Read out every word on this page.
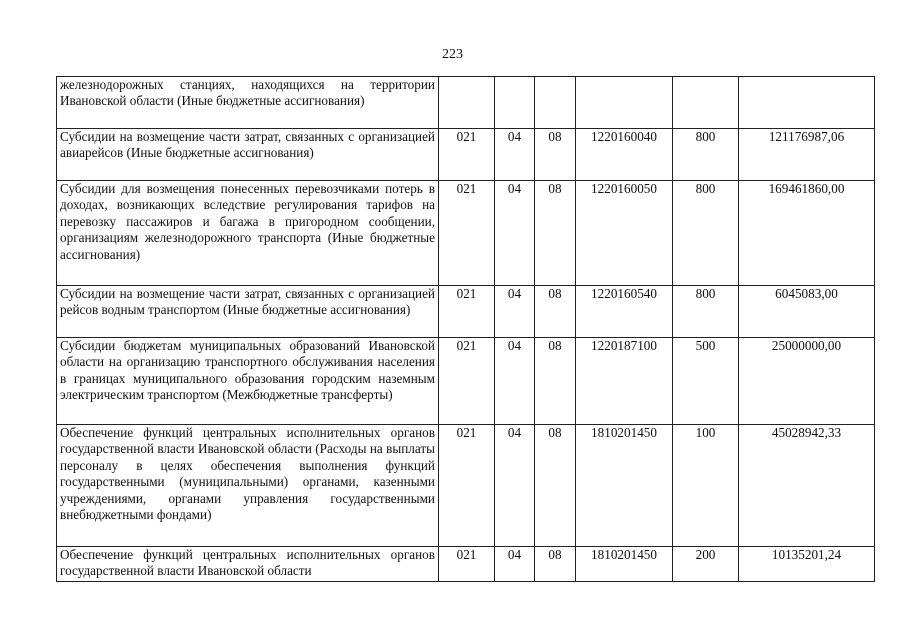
223
железнодорожных станциях, находящихся на территории Ивановской области (Иные бюджетные ассигнования)						
Субсидии на возмещение части затрат, связанных с организацией авиарейсов (Иные бюджетные ассигнования)	021	04	08	1220160040	800	121176987,06
Субсидии для возмещения понесенных перевозчиками потерь в доходах, возникающих вследствие регулирования тарифов на перевозку пассажиров и багажа в пригородном сообщении, организациям железнодорожного транспорта (Иные бюджетные ассигнования)	021	04	08	1220160050	800	169461860,00
Субсидии на возмещение части затрат, связанных с организацией рейсов водным транспортом (Иные бюджетные ассигнования)	021	04	08	1220160540	800	6045083,00
Субсидии бюджетам муниципальных образований Ивановской области на организацию транспортного обслуживания населения в границах муниципального образования городским наземным электрическим транспортом (Межбюджетные трансферты)	021	04	08	1220187100	500	25000000,00
Обеспечение функций центральных исполнительных органов государственной власти Ивановской области (Расходы на выплаты персоналу в целях обеспечения выполнения функций государственными (муниципальными) органами, казенными учреждениями, органами управления государственными внебюджетными фондами)	021	04	08	1810201450	100	45028942,33
Обеспечение функций центральных исполнительных органов государственной власти Ивановской области	021	04	08	1810201450	200	10135201,24
